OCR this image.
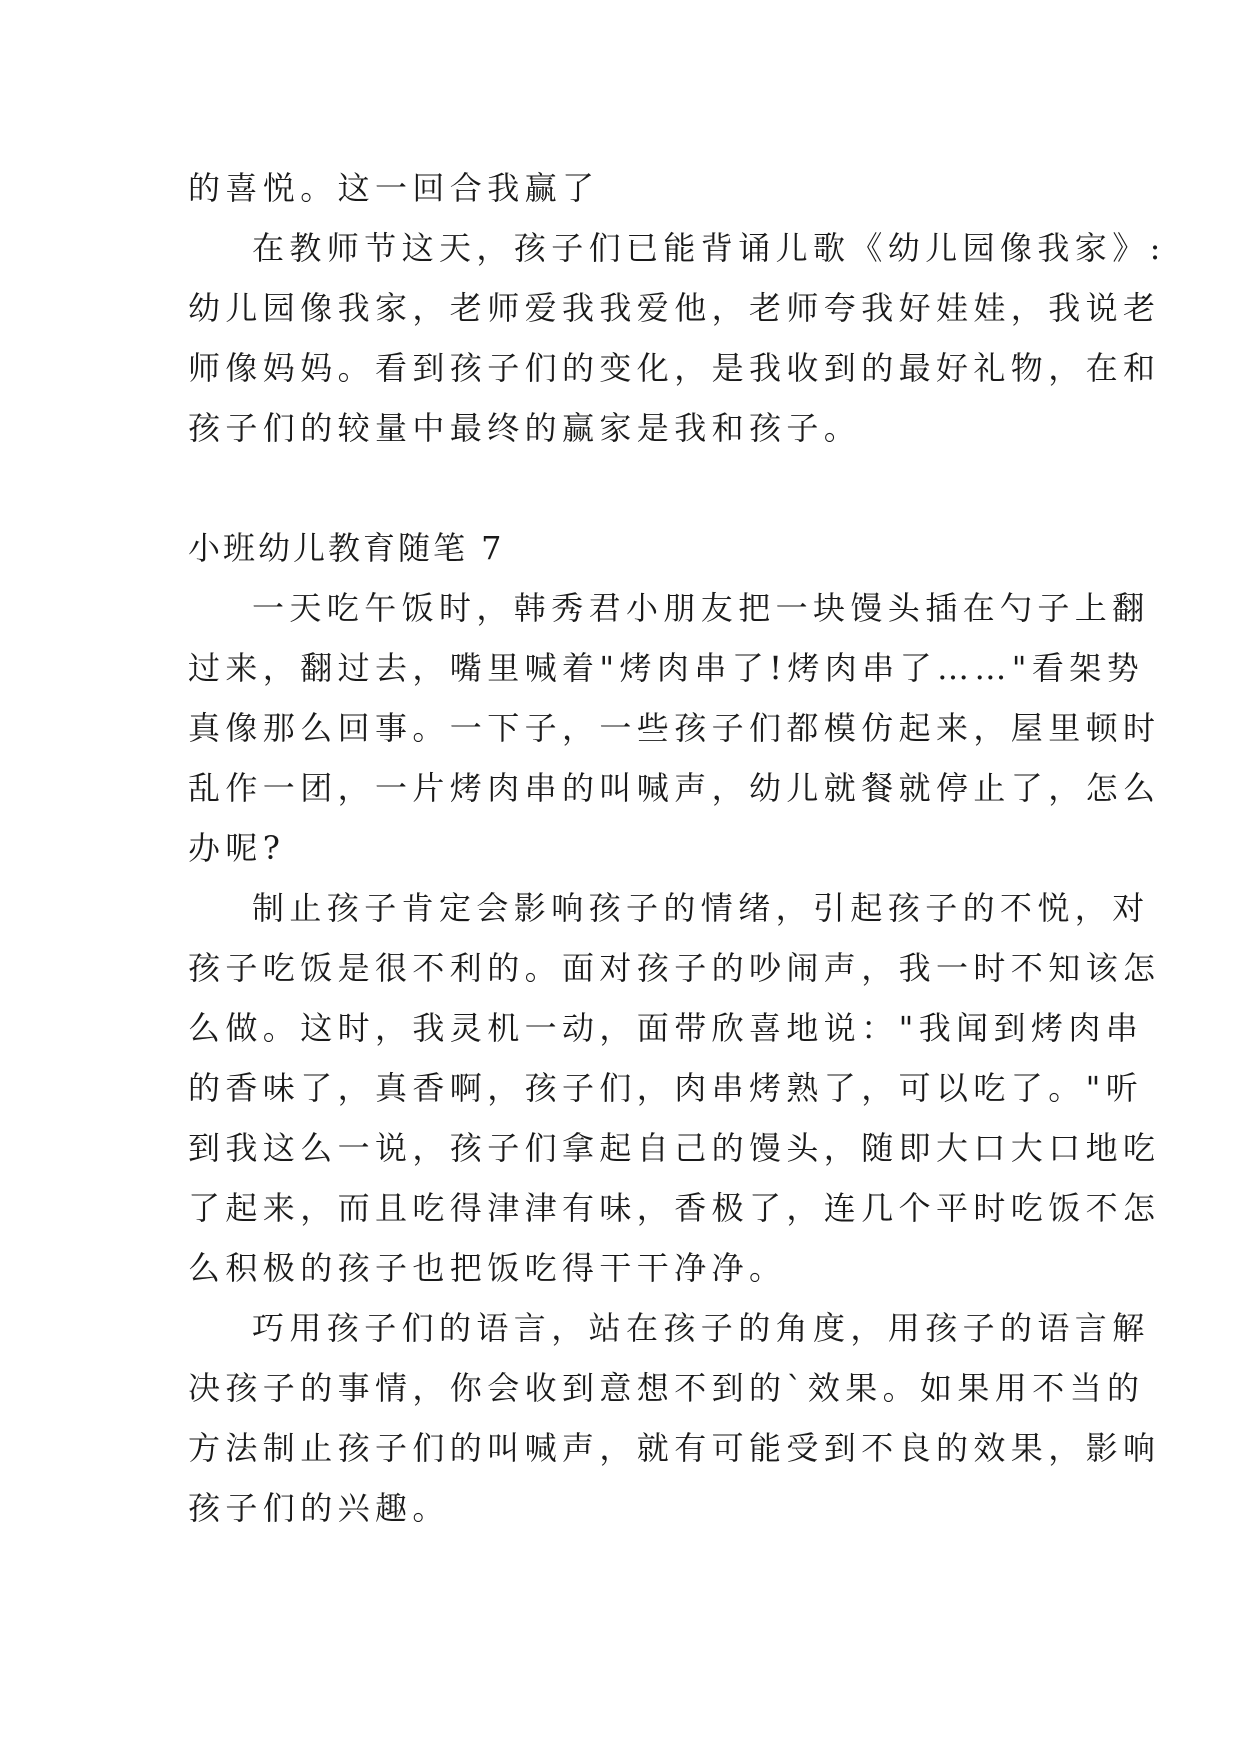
的喜悦。这一回合我赢了

在教师节这天，孩子们已能背诵儿歌《幼儿园像我家》:

幼儿园像我家，老师爱我我爱他，老师夸我好娃娃，我说老

师像妈妈。看到孩子们的变化，是我收到的最好礼物，在和

孩子们的较量中最终的赢家是我和孩子。

小班幼儿教育随笔 7

一天吃午饭时，韩秀君小朋友把一块馒头插在勺子上翻

过来，翻过去，嘴里喊着"烤肉串了!烤肉串了……"看架势

真像那么回事。一下子，一些孩子们都模仿起来，屋里顿时

乱作一团，一片烤肉串的叫喊声，幼儿就餐就停止了，怎么

办呢?

制止孩子肯定会影响孩子的情绪，引起孩子的不悦，对

孩子吃饭是很不利的。面对孩子的吵闹声，我一时不知该怎

么做。这时，我灵机一动，面带欣喜地说："我闻到烤肉串

的香味了，真香啊，孩子们，肉串烤熟了，可以吃了。"听

到我这么一说，孩子们拿起自己的馒头，随即大口大口地吃

了起来，而且吃得津津有味，香极了，连几个平时吃饭不怎

么积极的孩子也把饭吃得干干净净。

巧用孩子们的语言，站在孩子的角度，用孩子的语言解

决孩子的事情，你会收到意想不到的`效果。如果用不当的

方法制止孩子们的叫喊声，就有可能受到不良的效果，影响

孩子们的兴趣。
